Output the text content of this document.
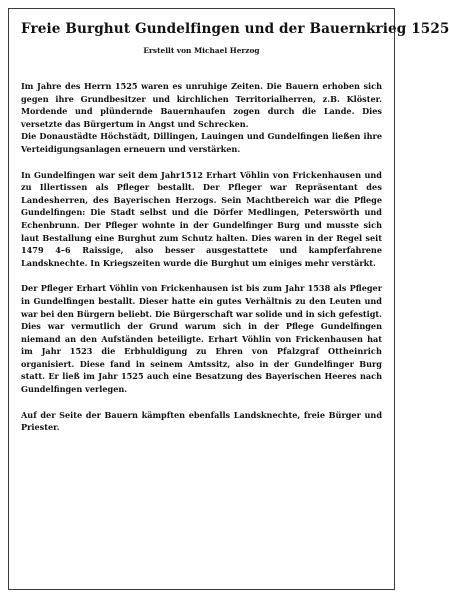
Freie Burghut Gundelfingen und der Bauernkrieg 1525
Erstellt von Michael Herzog

Im Jahre des Herrn 1525 waren es unruhige Zeiten. Die Bauern erhoben sich gegen ihre Grundbesitzer und kirchlichen Territorialherren, z.B. Klöster. Mordende und plündernde Bauernhaufen zogen durch die Lande. Dies versetzte das Bürgertum in Angst und Schrecken.

Die Donaustädte Höchstädt, Dillingen, Lauingen und Gundelfingen ließen ihre Verteidigungsanlagen erneuern und verstärken.

In Gundelfingen war seit dem Jahr1512 Erhart Vöhlin von Frickenhausen und zu Illertissen als Pfleger bestallt. Der Pfleger war Repräsentant des Landesherren, des Bayerischen Herzogs. Sein Machtbereich war die Pflege Gundelfingen: Die Stadt selbst und die Dörfer Medlingen, Peterswörth und Echenbrunn. Der Pfleger wohnte in der Gundelfinger Burg und musste sich laut Bestallung eine Burghut zum Schutz halten. Dies waren in der Regel seit 1479 4–6 Raissige, also besser ausgestattete und kampferfahrene Landsknechte. In Kriegszeiten wurde die Burghut um einiges mehr verstärkt.

Der Pfleger Erhart Vöhlin von Frickenhausen ist bis zum Jahr 1538 als Pfleger in Gundelfingen bestallt. Dieser hatte ein gutes Verhältnis zu den Leuten und war bei den Bürgern beliebt. Die Bürgerschaft war solide und in sich gefestigt. Dies war vermutlich der Grund warum sich in der Pflege Gundelfingen niemand an den Aufständen beteiligte. Erhart Vöhlin von Frickenhausen hat im Jahr 1523 die Erbhuldigung zu Ehren von Pfalzgraf Ottheinrich organisiert. Diese fand in seinem Amtssitz, also in der Gundelfinger Burg statt. Er ließ im Jahr 1525 auch eine Besatzung des Bayerischen Heeres nach Gundelfingen verlegen.

Auf der Seite der Bauern kämpften ebenfalls Landsknechte, freie Bürger und Priester.
